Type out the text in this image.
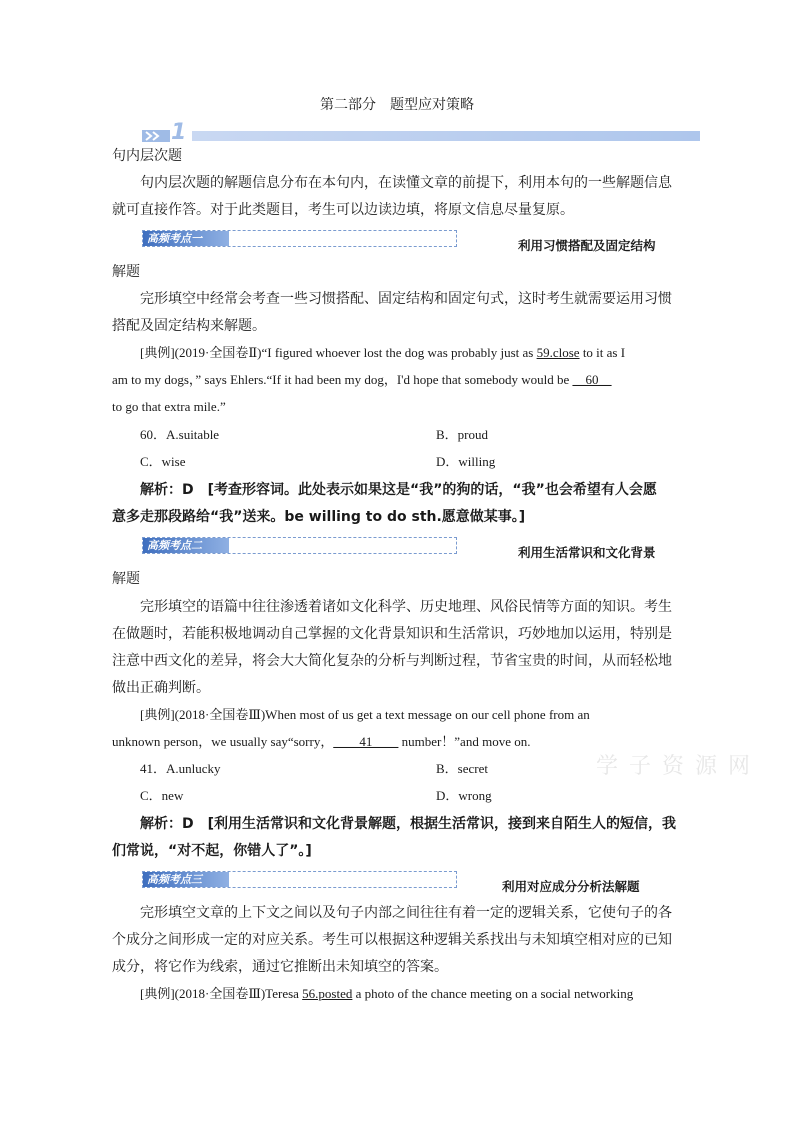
第二部分　题型应对策略
1
句内层次题
句内层次题的解题信息分布在本句内，在读懂文章的前提下，利用本句的一些解题信息
就可直接作答。对于此类题目，考生可以边读边填，将原文信息尽量复原。
高频考点一	利用习惯搭配及固定结构
解题
完形填空中经常会考查一些习惯搭配、固定结构和固定句式，这时考生就需要运用习惯
搭配及固定结构来解题。
[典例](2019·全国卷Ⅱ)“I figured whoever lost the dog was probably just as 59.close to it as I
am to my dogs，” says Ehlers.“If it had been my dog，I'd hope that somebody would be __60__
to go that extra mile.”
60．A.suitable	B．proud
C．wise	D．willing
解析：D　[考查形容词。此处表示如果这是“我”的狗的话，“我”也会希望有人会愿
意多走那段路给“我”送来。be willing to do sth.愿意做某事。]
高频考点二	利用生活常识和文化背景
解题
完形填空的语篇中往往渗透着诸如文化科学、历史地理、风俗民情等方面的知识。考生
在做题时，若能积极地调动自己掌握的文化背景知识和生活常识，巧妙地加以运用，特别是
注意中西文化的差异，将会大大简化复杂的分析与判断过程，节省宝贵的时间，从而轻松地
做出正确判断。
[典例](2018·全国卷Ⅲ)When most of us get a text message on our cell phone from an
unknown person，we usually say“sorry，____41____ number！”and move on.
41．A.unlucky	B．secret
C．new	D．wrong
解析：D　[利用生活常识和文化背景解题，根据生活常识，接到来自陌生人的短信，我
们常说，“对不起，你错人了”。]
高频考点三	利用对应成分分析法解题
完形填空文章的上下文之间以及句子内部之间往往有着一定的逻辑关系，它使句子的各
个成分之间形成一定的对应关系。考生可以根据这种逻辑关系找出与未知填空相对应的已知
成分，将它作为线索，通过它推断出未知填空的答案。
[典例](2018·全国卷Ⅲ)Teresa 56.posted a photo of the chance meeting on a social networking
学 子 资 源 网
